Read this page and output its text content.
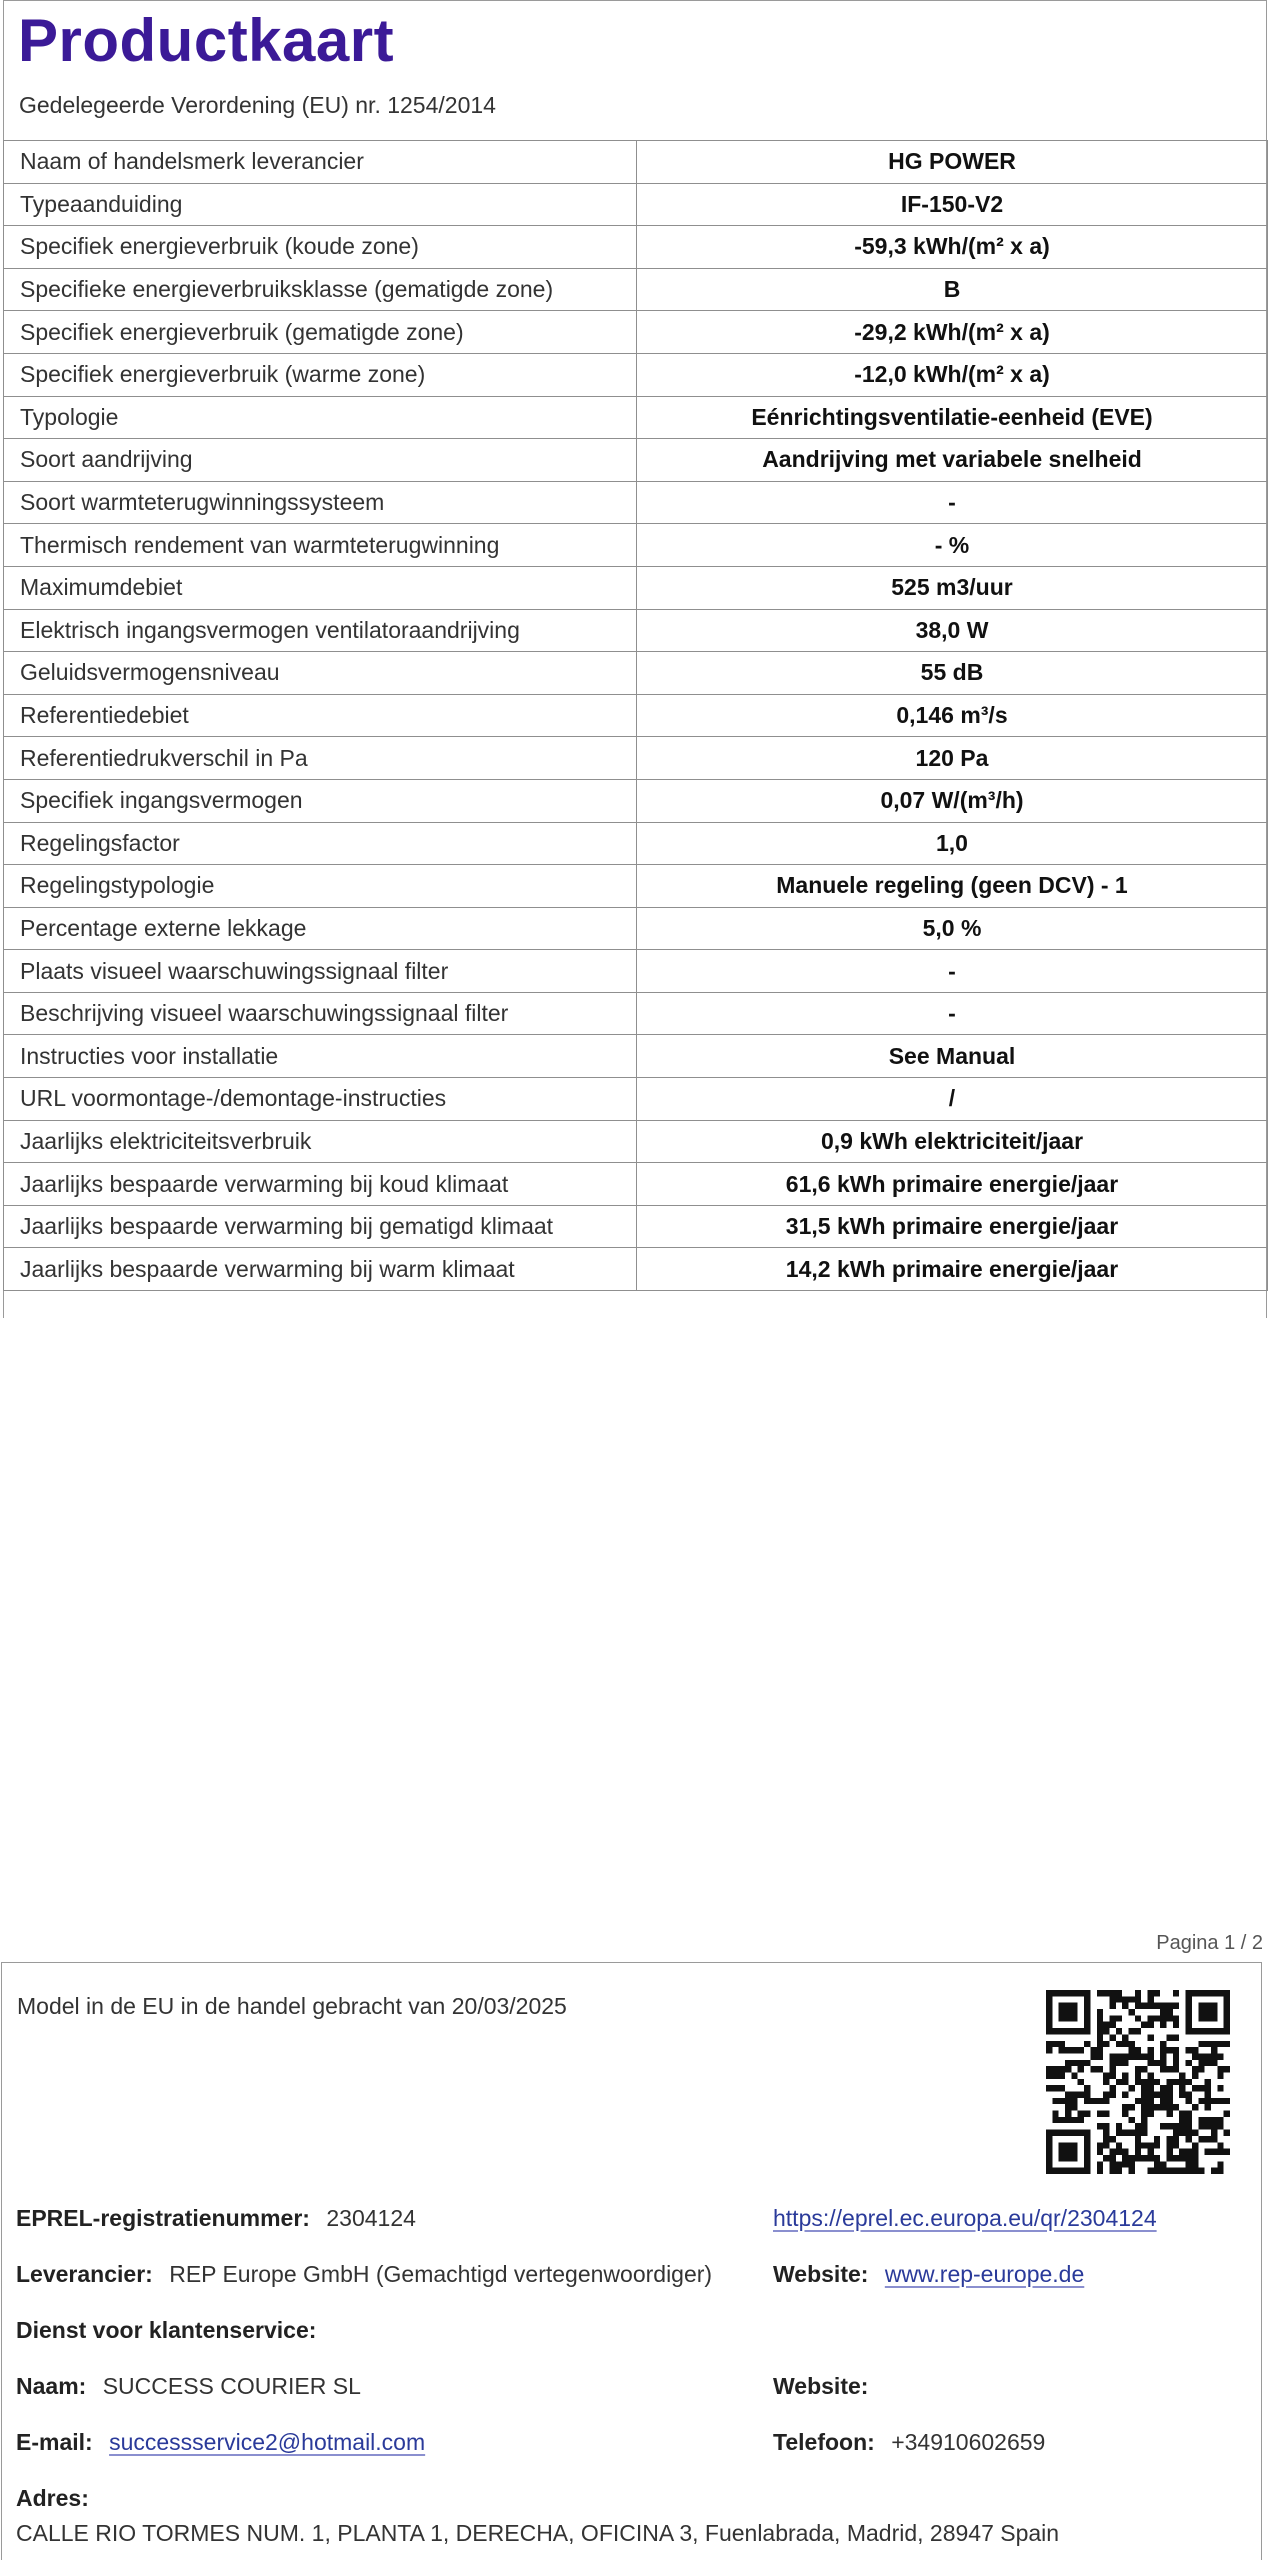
Productkaart
Gedelegeerde Verordening (EU) nr. 1254/2014
Naam of handelsmerk leverancier	HG POWER
Typeaanduiding	IF-150-V2
Specifiek energieverbruik (koude zone)	-59,3 kWh/(m² x a)
Specifieke energieverbruiksklasse (gematigde zone)	B
Specifiek energieverbruik (gematigde zone)	-29,2 kWh/(m² x a)
Specifiek energieverbruik (warme zone)	-12,0 kWh/(m² x a)
Typologie	Eénrichtingsventilatie-eenheid (EVE)
Soort aandrijving	Aandrijving met variabele snelheid
Soort warmteterugwinningssysteem	-
Thermisch rendement van warmteterugwinning	- %
Maximumdebiet	525 m3/uur
Elektrisch ingangsvermogen ventilatoraandrijving	38,0 W
Geluidsvermogensniveau	55 dB
Referentiedebiet	0,146 m³/s
Referentiedrukverschil in Pa	120 Pa
Specifiek ingangsvermogen	0,07 W/(m³/h)
Regelingsfactor	1,0
Regelingstypologie	Manuele regeling (geen DCV) - 1
Percentage externe lekkage	5,0 %
Plaats visueel waarschuwingssignaal filter	-
Beschrijving visueel waarschuwingssignaal filter	-
Instructies voor installatie	See Manual
URL voormontage-/demontage-instructies	/
Jaarlijks elektriciteitsverbruik	0,9 kWh elektriciteit/jaar
Jaarlijks bespaarde verwarming bij koud klimaat	61,6 kWh primaire energie/jaar
Jaarlijks bespaarde verwarming bij gematigd klimaat	31,5 kWh primaire energie/jaar
Jaarlijks bespaarde verwarming bij warm klimaat	14,2 kWh primaire energie/jaar
Pagina 1 / 2
Model in de EU in de handel gebracht van 20/03/2025
EPREL-registratienummer: 2304124	https://eprel.ec.europa.eu/qr/2304124
Leverancier: REP Europe GmbH (Gemachtigd vertegenwoordiger)	Website: www.rep-europe.de
Dienst voor klantenservice:
Naam: SUCCESS COURIER SL	Website:
E-mail: successservice2@hotmail.com	Telefoon: +34910602659
Adres:
CALLE RIO TORMES NUM. 1, PLANTA 1, DERECHA, OFICINA 3, Fuenlabrada, Madrid, 28947 Spain
